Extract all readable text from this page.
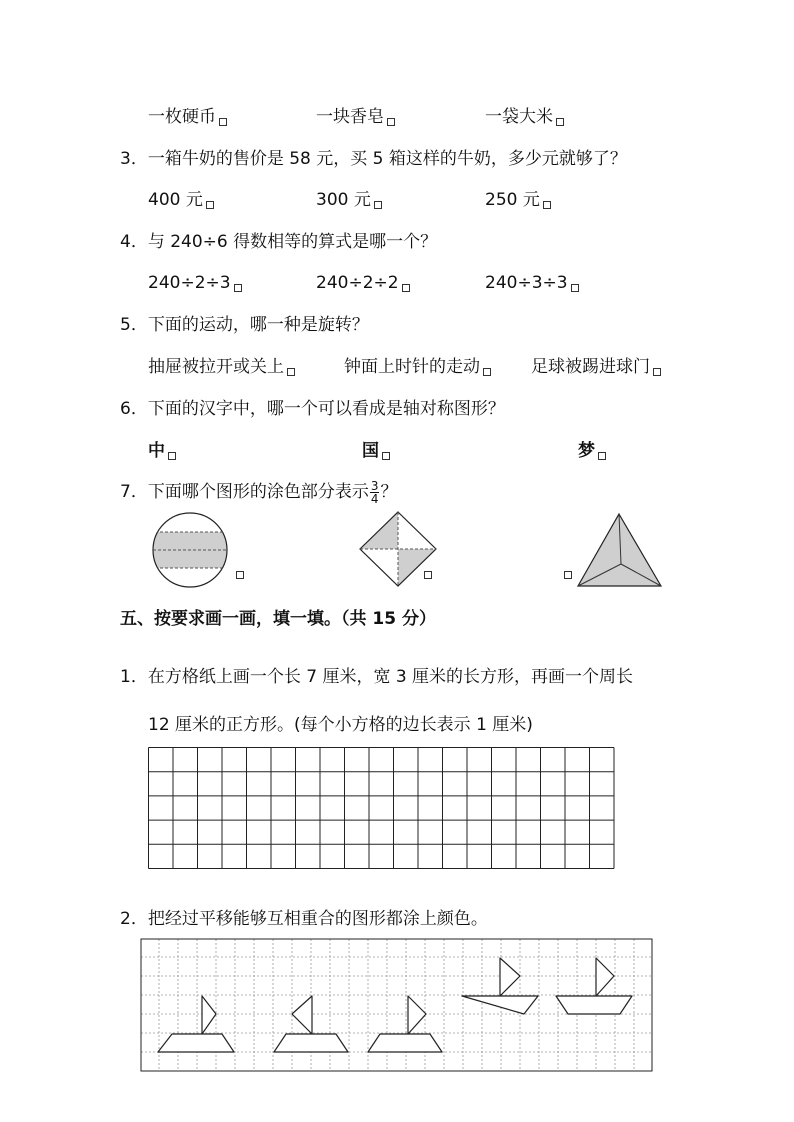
一枚硬币	一块香皂	一袋大米
3．一箱牛奶的售价是 58 元，买 5 箱这样的牛奶，多少元就够了？
400 元	300 元	250 元
4．与 240÷6 得数相等的算式是哪一个？
240÷2÷3	240÷2÷2	240÷3÷3
5．下面的运动，哪一种是旋转？
抽屉被拉开或关上	钟面上时针的走动	足球被踢进球门
6．下面的汉字中，哪一个可以看成是轴对称图形？
中	国	梦
7．下面哪个图形的涂色部分表示 $\frac{3}{4}$ ？
五、按要求画一画，填一填。（共 15 分）
1．在方格纸上画一个长 7 厘米，宽 3 厘米的长方形，再画一个周长
12 厘米的正方形。(每个小方格的边长表示 1 厘米)
2．把经过平移能够互相重合的图形都涂上颜色。
